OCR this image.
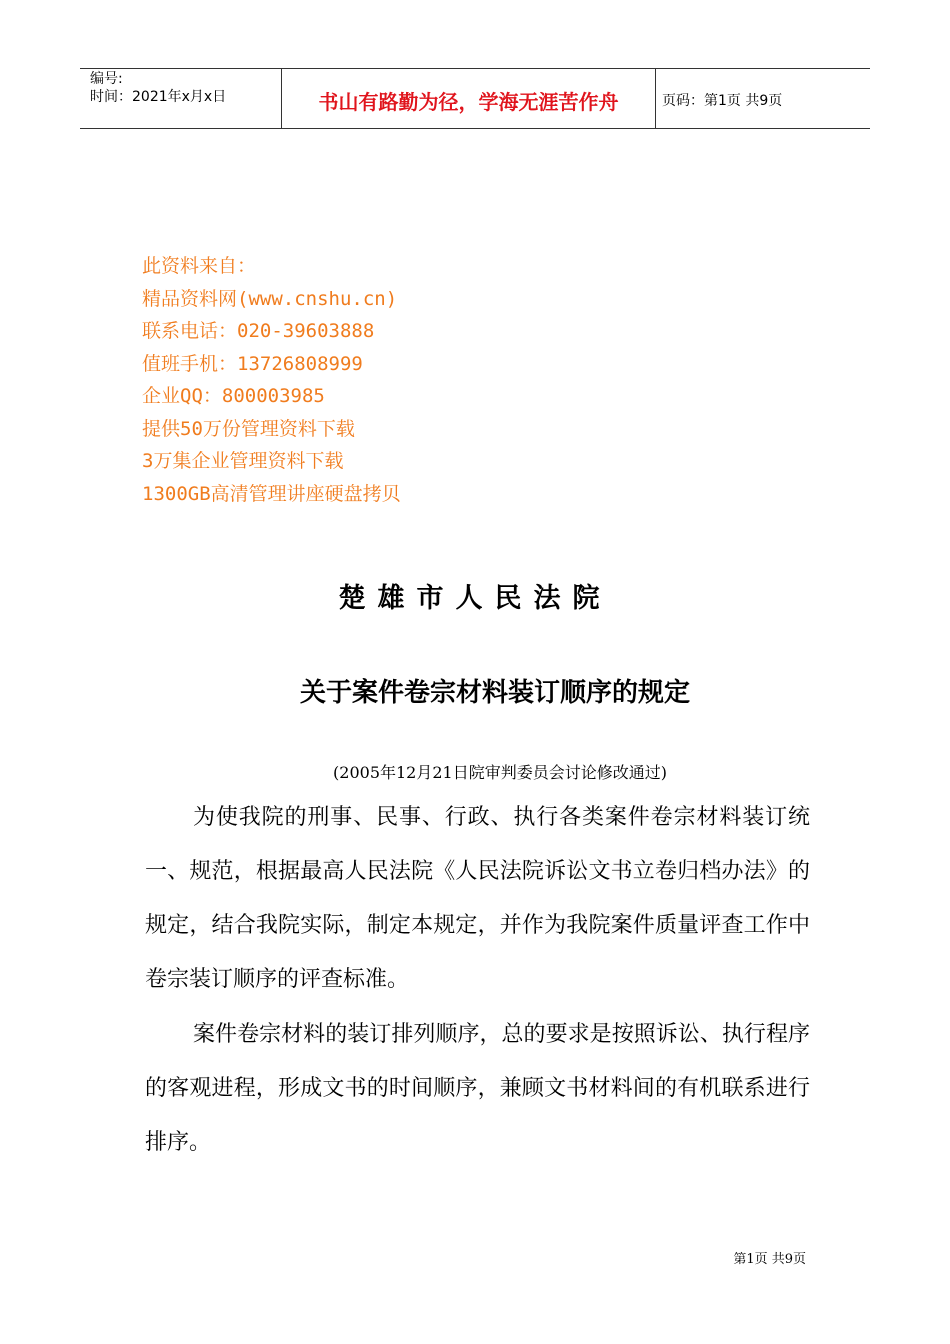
编号:
时间：2021年x月x日	书山有路勤为径，学海无涯苦作舟	页码：第1页 共9页
此资料来自：
精品资料网(www.cnshu.cn)
联系电话：020-39603888
值班手机：13726808999
企业QQ：800003985
提供50万份管理资料下载
3万集企业管理资料下载
1300GB高清管理讲座硬盘拷贝
楚雄市人民法院
关于案件卷宗材料装订顺序的规定
(2005年12月21日院审判委员会讨论修改通过)
为使我院的刑事、民事、行政、执行各类案件卷宗材料装订统一、规范，根据最高人民法院《人民法院诉讼文书立卷归档办法》的规定，结合我院实际，制定本规定，并作为我院案件质量评查工作中卷宗装订顺序的评查标准。
案件卷宗材料的装订排列顺序，总的要求是按照诉讼、执行程序的客观进程，形成文书的时间顺序，兼顾文书材料间的有机联系进行排序。
第1页 共9页
